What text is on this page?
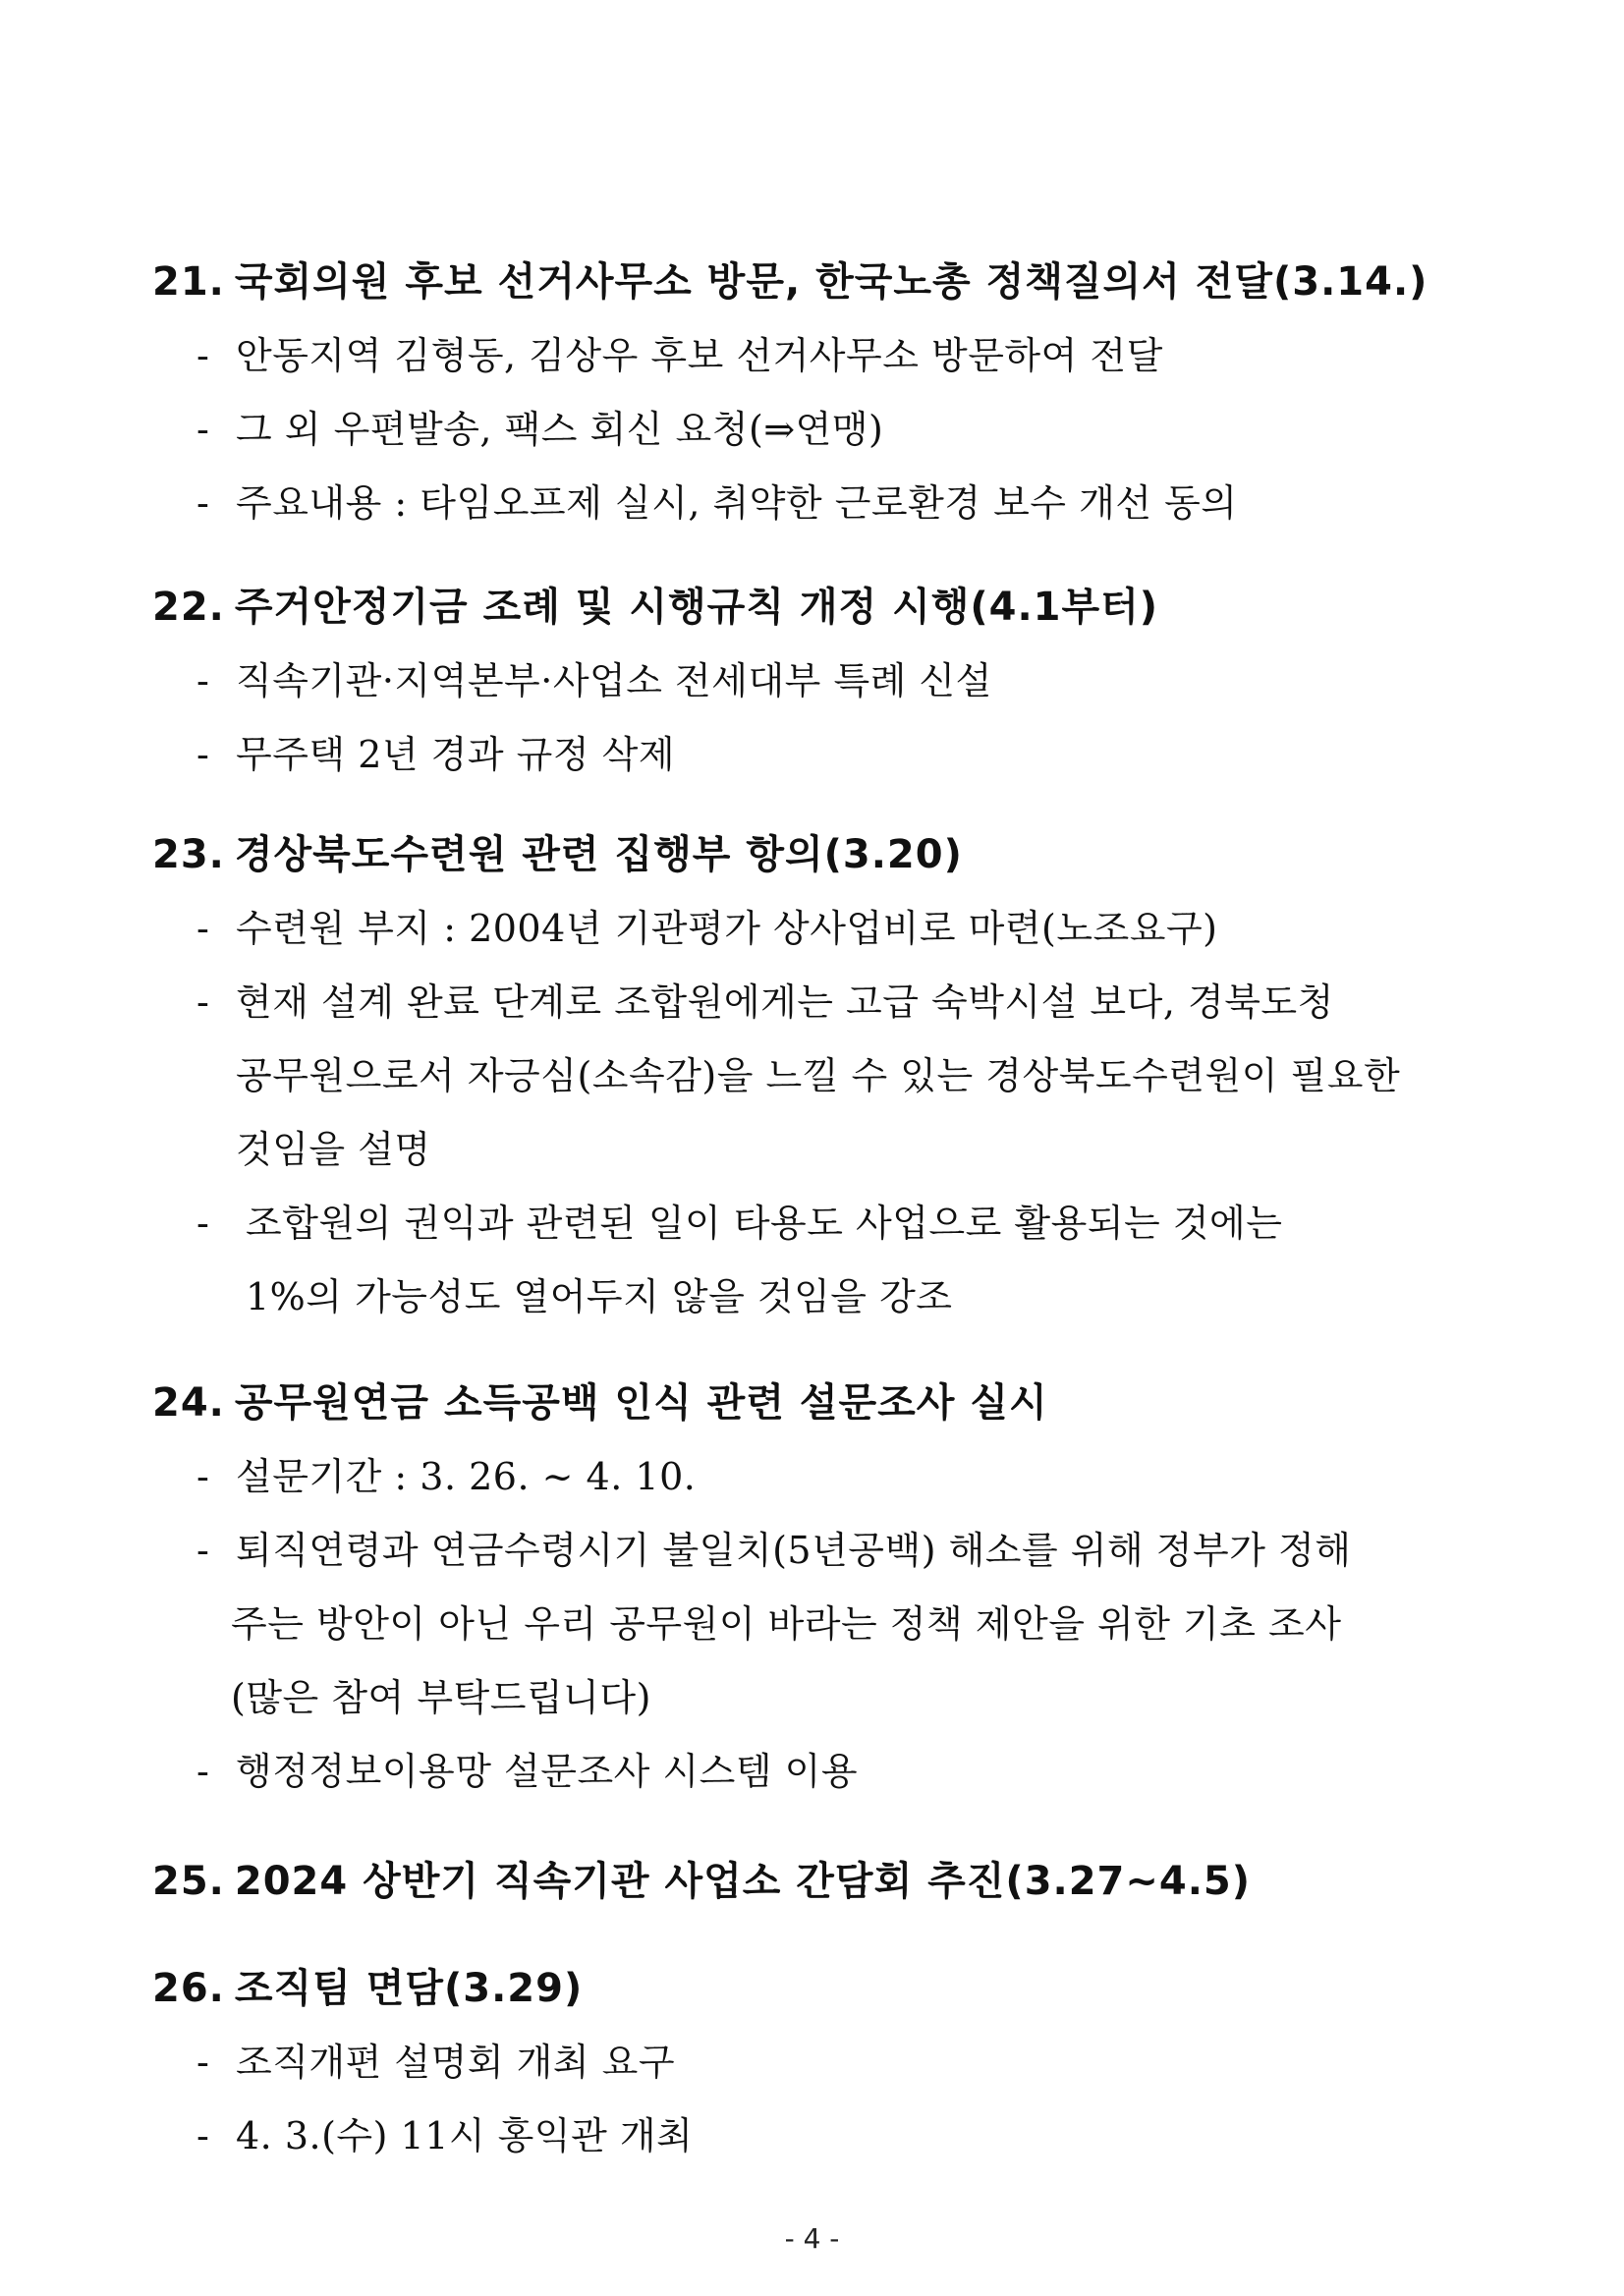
21. 국회의원 후보 선거사무소 방문, 한국노총 정책질의서 전달(3.14.)
- 안동지역 김형동, 김상우 후보 선거사무소 방문하여 전달
- 그 외 우편발송, 팩스 회신 요청(⇒연맹)
- 주요내용 : 타임오프제 실시, 취약한 근로환경 보수 개선 동의
22. 주거안정기금 조례 및 시행규칙 개정 시행(4.1부터)
- 직속기관·지역본부·사업소 전세대부 특례 신설
- 무주택 2년 경과 규정 삭제
23. 경상북도수련원 관련 집행부 항의(3.20)
- 수련원 부지 : 2004년 기관평가 상사업비로 마련(노조요구)
- 현재 설계 완료 단계로 조합원에게는 고급 숙박시설 보다, 경북도청
공무원으로서 자긍심(소속감)을 느낄 수 있는 경상북도수련원이 필요한
것임을 설명
- 조합원의 권익과 관련된 일이 타용도 사업으로 활용되는 것에는
1%의 가능성도 열어두지 않을 것임을 강조
24. 공무원연금 소득공백 인식 관련 설문조사 실시
- 설문기간 : 3. 26. ~ 4. 10.
- 퇴직연령과 연금수령시기 불일치(5년공백) 해소를 위해 정부가 정해
주는 방안이 아닌 우리 공무원이 바라는 정책 제안을 위한 기초 조사
(많은 참여 부탁드립니다)
- 행정정보이용망 설문조사 시스템 이용
25. 2024 상반기 직속기관 사업소 간담회 추진(3.27~4.5)
26. 조직팀 면담(3.29)
- 조직개편 설명회 개최 요구
- 4. 3.(수) 11시 홍익관 개최
- 4 -
